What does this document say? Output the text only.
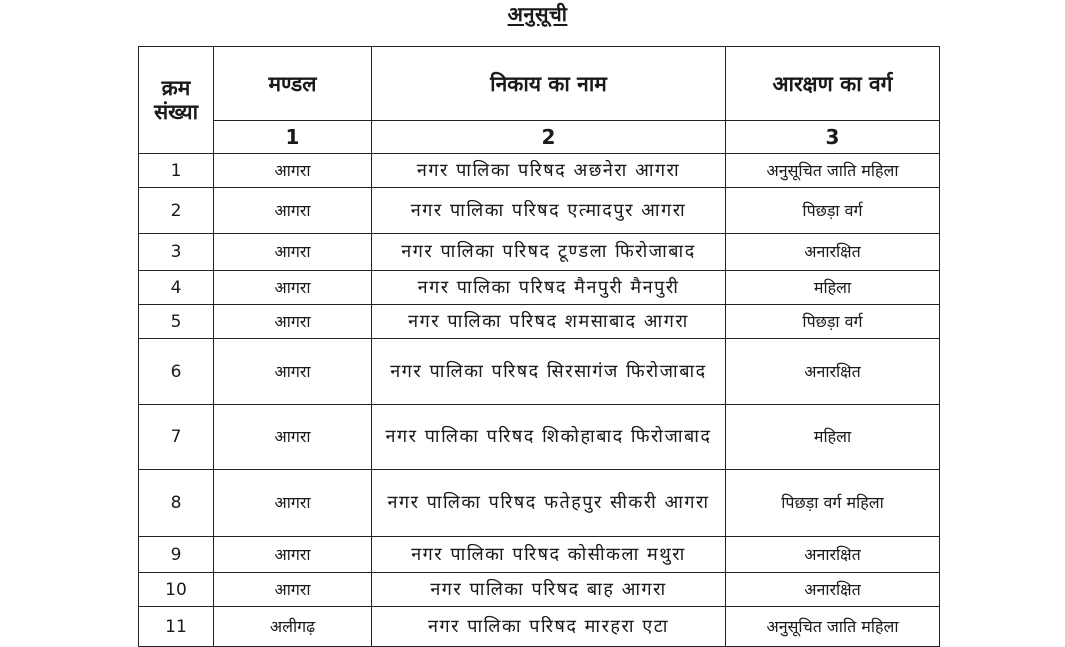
अनुसूची
क्रम संख्या	मण्डल	निकाय का नाम	आरक्षण का वर्ग
	1	2	3
1	आगरा	नगर पालिका परिषद अछनेरा आगरा	अनुसूचित जाति महिला
2	आगरा	नगर पालिका परिषद एत्मादपुर आगरा	पिछड़ा वर्ग
3	आगरा	नगर पालिका परिषद टूण्डला फिरोजाबाद	अनारक्षित
4	आगरा	नगर पालिका परिषद मैनपुरी मैनपुरी	महिला
5	आगरा	नगर पालिका परिषद शमसाबाद आगरा	पिछड़ा वर्ग
6	आगरा	नगर पालिका परिषद सिरसागंज फिरोजाबाद	अनारक्षित
7	आगरा	नगर पालिका परिषद शिकोहाबाद फिरोजाबाद	महिला
8	आगरा	नगर पालिका परिषद फतेहपुर सीकरी आगरा	पिछड़ा वर्ग महिला
9	आगरा	नगर पालिका परिषद कोसीकला मथुरा	अनारक्षित
10	आगरा	नगर पालिका परिषद बाह आगरा	अनारक्षित
11	अलीगढ़	नगर पालिका परिषद मारहरा एटा	अनुसूचित जाति महिला
